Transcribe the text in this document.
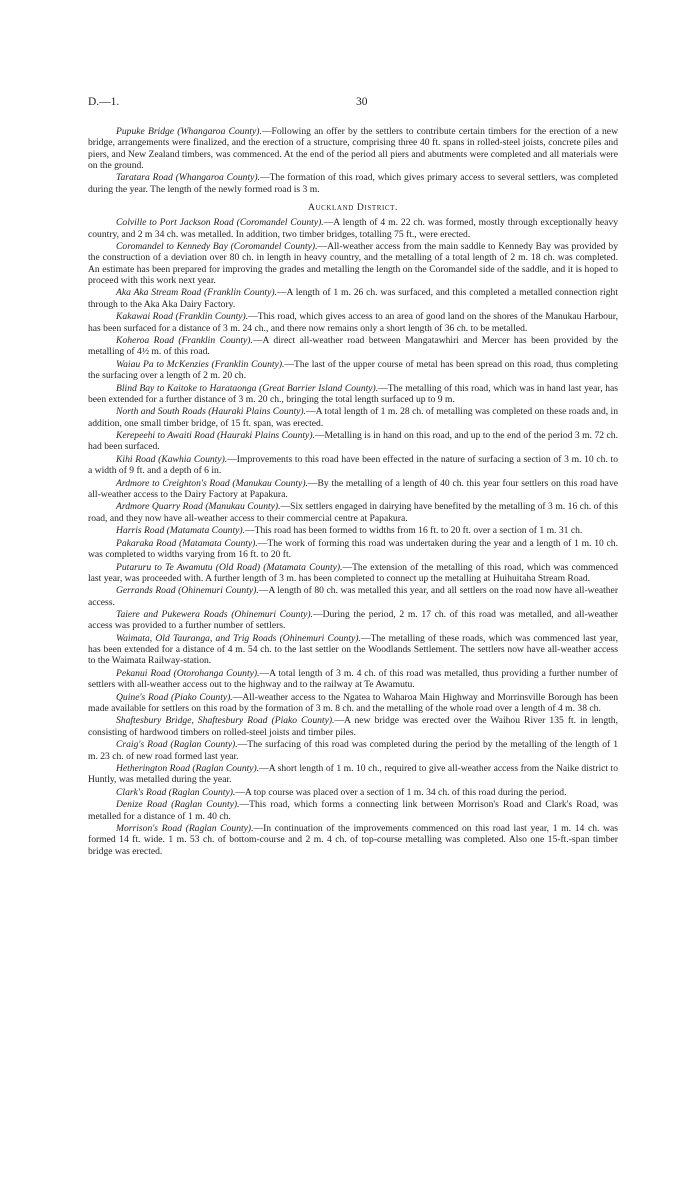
D.—1.	30

Pupuke Bridge (Whangaroa County).—Following an offer by the settlers to contribute certain timbers for the erection of a new bridge, arrangements were finalized, and the erection of a structure, comprising three 40 ft. spans in rolled-steel joists, concrete piles and piers, and New Zealand timbers, was commenced. At the end of the period all piers and abutments were completed and all materials were on the ground.

Taratara Road (Whangaroa County).—The formation of this road, which gives primary access to several settlers, was completed during the year. The length of the newly formed road is 3 m.

Auckland District.

Colville to Port Jackson Road (Coromandel County).—A length of 4 m. 22 ch. was formed, mostly through exceptionally heavy country, and 2 m 34 ch. was metalled. In addition, two timber bridges, totalling 75 ft., were erected.

Coromandel to Kennedy Bay (Coromandel County).—All-weather access from the main saddle to Kennedy Bay was provided by the construction of a deviation over 80 ch. in length in heavy country, and the metalling of a total length of 2 m. 18 ch. was completed. An estimate has been prepared for improving the grades and metalling the length on the Coromandel side of the saddle, and it is hoped to proceed with this work next year.

Aka Aka Stream Road (Franklin County).—A length of 1 m. 26 ch. was surfaced, and this completed a metalled connection right through to the Aka Aka Dairy Factory.

Kakawai Road (Franklin County).—This road, which gives access to an area of good land on the shores of the Manukau Harbour, has been surfaced for a distance of 3 m. 24 ch., and there now remains only a short length of 36 ch. to be metalled.

Koheroa Road (Franklin County).—A direct all-weather road between Mangatawhiri and Mercer has been provided by the metalling of 4½ m. of this road.

Waiau Pa to McKenzies (Franklin County).—The last of the upper course of metal has been spread on this road, thus completing the surfacing over a length of 2 m. 20 ch.

Blind Bay to Kaitoke to Harataonga (Great Barrier Island County).—The metalling of this road, which was in hand last year, has been extended for a further distance of 3 m. 20 ch., bringing the total length surfaced up to 9 m.

North and South Roads (Hauraki Plains County).—A total length of 1 m. 28 ch. of metalling was completed on these roads and, in addition, one small timber bridge, of 15 ft. span, was erected.

Kerepeehi to Awaiti Road (Hauraki Plains County).—Metalling is in hand on this road, and up to the end of the period 3 m. 72 ch. had been surfaced.

Kihi Road (Kawhia County).—Improvements to this road have been effected in the nature of surfacing a section of 3 m. 10 ch. to a width of 9 ft. and a depth of 6 in.

Ardmore to Creighton's Road (Manukau County).—By the metalling of a length of 40 ch. this year four settlers on this road have all-weather access to the Dairy Factory at Papakura.

Ardmore Quarry Road (Manukau County).—Six settlers engaged in dairying have benefited by the metalling of 3 m. 16 ch. of this road, and they now have all-weather access to their commercial centre at Papakura.

Harris Road (Matamata County).—This road has been formed to widths from 16 ft. to 20 ft. over a section of 1 m. 31 ch.

Pakaraka Road (Matamata County).—The work of forming this road was undertaken during the year and a length of 1 m. 10 ch. was completed to widths varying from 16 ft. to 20 ft.

Putaruru to Te Awamutu (Old Road) (Matamata County).—The extension of the metalling of this road, which was commenced last year, was proceeded with. A further length of 3 m. has been completed to connect up the metalling at Huihuitaha Stream Road.

Gerrands Road (Ohinemuri County).—A length of 80 ch. was metalled this year, and all settlers on the road now have all-weather access.

Taiere and Pukewera Roads (Ohinemuri County).—During the period, 2 m. 17 ch. of this road was metalled, and all-weather access was provided to a further number of settlers.

Waimata, Old Tauranga, and Trig Roads (Ohinemuri County).—The metalling of these roads, which was commenced last year, has been extended for a distance of 4 m. 54 ch. to the last settler on the Woodlands Settlement. The settlers now have all-weather access to the Waimata Railway-station.

Pekanui Road (Otorohanga County).—A total length of 3 m. 4 ch. of this road was metalled, thus providing a further number of settlers with all-weather access out to the highway and to the railway at Te Awamutu.

Quine's Road (Piako County).—All-weather access to the Ngatea to Waharoa Main Highway and Morrinsville Borough has been made available for settlers on this road by the formation of 3 m. 8 ch. and the metalling of the whole road over a length of 4 m. 38 ch.

Shaftesbury Bridge, Shaftesbury Road (Piako County).—A new bridge was erected over the Waihou River 135 ft. in length, consisting of hardwood timbers on rolled-steel joists and timber piles.

Craig's Road (Raglan County).—The surfacing of this road was completed during the period by the metalling of the length of 1 m. 23 ch. of new road formed last year.

Hetherington Road (Raglan County).—A short length of 1 m. 10 ch., required to give all-weather access from the Naike district to Huntly, was metalled during the year.

Clark's Road (Raglan County).—A top course was placed over a section of 1 m. 34 ch. of this road during the period.

Denize Road (Raglan County).—This road, which forms a connecting link between Morrison's Road and Clark's Road, was metalled for a distance of 1 m. 40 ch.

Morrison's Road (Raglan County).—In continuation of the improvements commenced on this road last year, 1 m. 14 ch. was formed 14 ft. wide. 1 m. 53 ch. of bottom-course and 2 m. 4 ch. of top-course metalling was completed. Also one 15-ft.-span timber bridge was erected.
